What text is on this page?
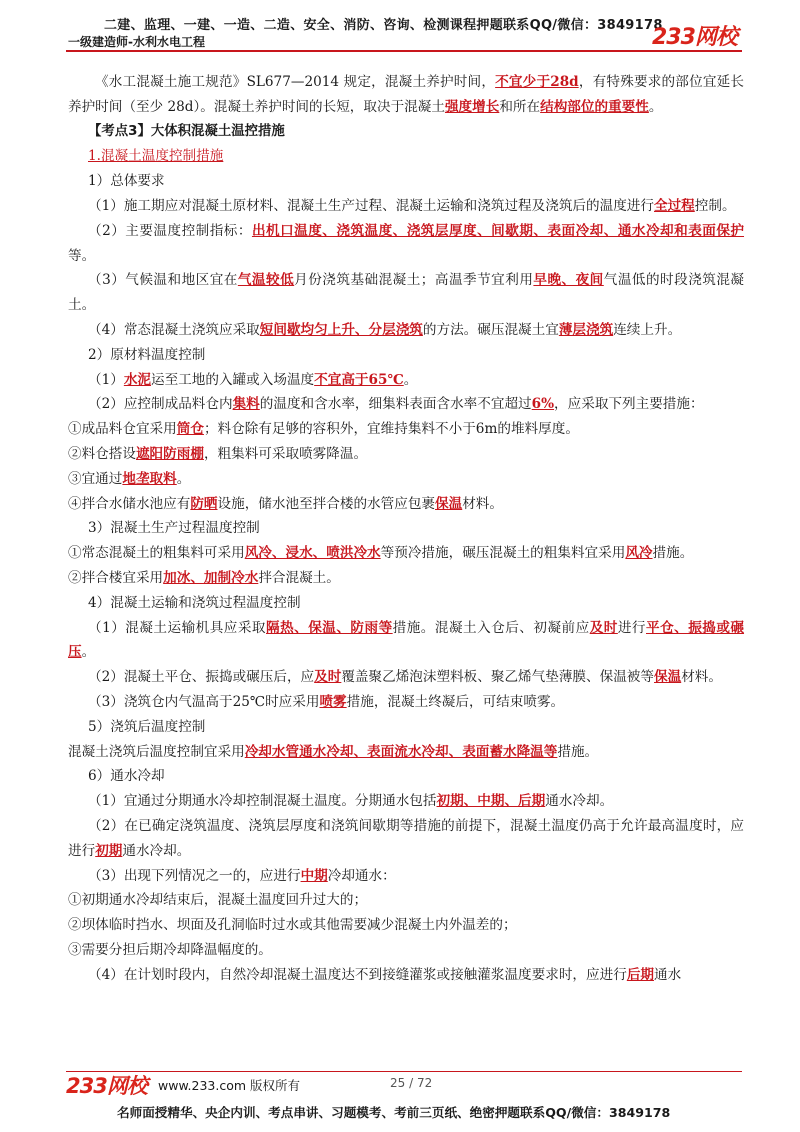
二建、监理、一建、一造、二造、安全、消防、咨询、检测课程押题联系QQ/微信：3849178
一级建造师-水利水电工程	233网校

《水工混凝土施工规范》SL677—2014 规定，混凝土养护时间，不宜少于28d，有特殊要求的部位宜延长养护时间（至少 28d）。混凝土养护时间的长短，取决于混凝土强度增长和所在结构部位的重要性。

【考点3】大体积混凝土温控措施

1.混凝土温度控制措施

1）总体要求

（1）施工期应对混凝土原材料、混凝土生产过程、混凝土运输和浇筑过程及浇筑后的温度进行全过程控制。

（2）主要温度控制指标：出机口温度、浇筑温度、浇筑层厚度、间歇期、表面冷却、通水冷却和表面保护等。

（3）气候温和地区宜在气温较低月份浇筑基础混凝土；高温季节宜利用早晚、夜间气温低的时段浇筑混凝土。

（4）常态混凝土浇筑应采取短间歇均匀上升、分层浇筑的方法。碾压混凝土宜薄层浇筑连续上升。

2）原材料温度控制

（1）水泥运至工地的入罐或入场温度不宜高于65℃。

（2）应控制成品料仓内集料的温度和含水率，细集料表面含水率不宜超过6%，应采取下列主要措施：

①成品料仓宜采用筒仓；料仓除有足够的容积外，宜维持集料不小于6m的堆料厚度。

②料仓搭设遮阳防雨棚，粗集料可采取喷雾降温。

③宜通过地垄取料。

④拌合水储水池应有防晒设施，储水池至拌合楼的水管应包裹保温材料。

3）混凝土生产过程温度控制

①常态混凝土的粗集料可采用风冷、浸水、喷洪冷水等预冷措施，碾压混凝土的粗集料宜采用风冷措施。

②拌合楼宜采用加冰、加制冷水拌合混凝土。

4）混凝土运输和浇筑过程温度控制

（1）混凝土运输机具应采取隔热、保温、防雨等措施。混凝土入仓后、初凝前应及时进行平仓、振捣或碾压。

（2）混凝土平仓、振捣或碾压后，应及时覆盖聚乙烯泡沫塑料板、聚乙烯气垫薄膜、保温被等保温材料。

（3）浇筑仓内气温高于25℃时应采用喷雾措施，混凝土终凝后，可结束喷雾。

5）浇筑后温度控制

混凝土浇筑后温度控制宜采用冷却水管通水冷却、表面流水冷却、表面蓄水降温等措施。

6）通水冷却

（1）宜通过分期通水冷却控制混凝土温度。分期通水包括初期、中期、后期通水冷却。

（2）在已确定浇筑温度、浇筑层厚度和浇筑间歇期等措施的前提下，混凝土温度仍高于允许最高温度时，应进行初期通水冷却。

（3）出现下列情况之一的，应进行中期冷却通水：

①初期通水冷却结束后，混凝土温度回升过大的；

②坝体临时挡水、坝面及孔洞临时过水或其他需要减少混凝土内外温差的；

③需要分担后期冷却降温幅度的。

（4）在计划时段内，自然冷却混凝土温度达不到接缝灌浆或接触灌浆温度要求时，应进行后期通水

233网校 www.233.com 版权所有	25 / 72
名师面授精华、央企内训、考点串讲、习题模考、考前三页纸、绝密押题联系QQ/微信：3849178
